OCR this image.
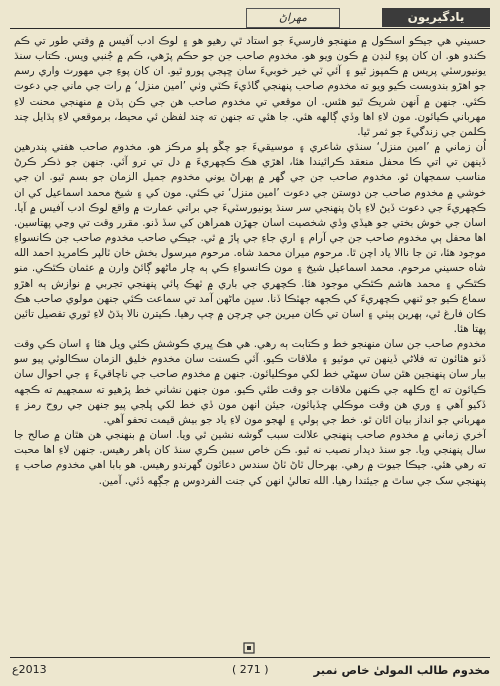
مهراڻ	يادگيريون

حسيني هي جيڪو اسڪول ۾ منهنجو فارسيءَ جو استاد ٿي رهيو هو ۽ لوڪ ادب آفيس ۾ وقتي طور تي ڪم ڪندو هو. ان کان پوءِ لنڊن ۾ ڪون ويو هو. مخدوم صاحب جن جو حڪم پڙهي، ڪم ۾ جُنبي ويس. ڪتاب سنڌ يونيورسٽي پريس ۾ ڪمپوز ٿيو ۽ آئي ٽي خير خوبيءَ سان ڇپجي پورو ٿيو. ان کان پوءِ جي مهورت واري رسم جو اهڙو بندوبست ڪيو ويو ته مخدوم صاحب پنهنجي گاڏيءَ ڪٽي وٺي ’امين منزل‘ ۾ رات جي ماني جي دعوت ڪئي. جنهن ۾ اَنهن شريڪ ٿيو هئس. ان موقعي تي مخدوم صاحب هن جي ڪن ٻڌن ۾ منهنجي محنت لاءِ مهرباني ڪيائون. مون لاءِ اها وڏي ڳالهه هئي. جا هئي ته جنهن ته چند لفظن ئي محيط، برموقعي لاءِ ٻڌايل چند ڪلمن جي زندگيءَ جو ثمر ٿيا.

اُن زماني ۾ ’امين منزل‘ سنڌي شاعري ۽ موسيقيءَ جو چڱو ڀلو مرڪز هو. مخدوم صاحب هفتي پندرهين ڏينهن تي اتي ڪا محفل منعقد ڪرائيندا هئا، اهڙي هڪ ڪچهريءَ ۾ دل تي ترو آئي. جنهن جو ذڪر ڪرڻ مناسب سمجهان ٿو. مخدوم صاحب جن جي گهر ۾ ٻهراڻ يوني مخدوم جميل الزمان جو بسم ٿيو. ان جي خوشي ۾ مخدوم صاحب جن دوستن جي دعوت ’امين منزل‘ تي ڪئي. مون کي ۽ شيخ محمد اسماعيل کي ان ڪچهريءَ جي دعوت ڏيڻ لاءِ ٻاڻ پنهنجي سر سنڌ يونيورسٽيءَ جي براتي عمارت ۾ واقع لوڪ ادب آفيس ۾ آيا. اسان جي خوش بختي جو هيڏي وڏي شخصيت اسان جهڙن همراهن کي سڏ ڏنو. مقرر وقت تي وڃي پهتاسين. اها محفل ٻي مخدوم صاحب جن جي آرام ۽ اري جاءِ جي پاڙ ۾ ٿي. جيڪي صاحب مخدوم صاحب جن ڪانسواءِ موجود هئا، تن جا ناالا ياد اچن ٿا. مرحوم ميران محمد شاه. مرحوم ميرسول بخش خان ٽالپر ڪامريڊ احمد الله شاه حسيني مرحوم. محمد اسماعيل شيخ ۽ مون ڪانسواءِ ڪي ٻه چار ماڻهو ڳائڻ وارن ۾ عثمان ڪٿڪي. منو ڪٿڪي ۽ محمد هاشم ڪٿڪي موجود هئا. ڪچهري جي باري ۾ ٽهڪ پائي پنهنجي تجربي ۾ نوازش ٻه اهڙو سماع ڪيو جو ٽنهي ڪچهريءَ کي ڪجهه جهٽڪا ڏنا. سڀن ماڻهن آمد تي سماعت ڪئي جنهن مولوي صاحب هڪ ڪان فارغ ٿي، ٻهرين ٻيٺي ۽ اسان تي ڪان ميرين جي چرچن ۾ چپ رهيا. ڪيترن نالا ٻڌڻ لاءِ ٿوري تفصيل تائين پهتا هئا.

مخدوم صاحب جن سان منهنجو خط و ڪتابت ٻه رهي. هي هڪ ڀيري ڪوشش ڪئي ويل هئا ۽ اسان ڪي وقت ڏنو هئائون ته فلاڻي ڏينهن تي موٽيو ۽ ملاقات ڪيو. آئي ڪسنت سان مخدوم خليق الزمان سڪالوٽي پيو سو بيار سان پنهنجين هٿن سان سهڻي خط لکي موڪليائون. جنهن ۾ مخدوم صاحب جي ناچاقيءَ ۽ جي احوال سان ڪيائون ته اڄ ڪلهه جي ڪنهن ملاقات جو وقت طئي ڪيو. مون جنهن نشاني خط پڙهيو ته سمجهيم ته ڪجهه ڏکيو آهي ۽ وري هن وقت موڪلي ڇڏيائون، جيئن انهن مون ڏي خط لکي ڀلجي پيو جنهن جي روح رمز ۽ مهرباني جو انداز بيان اٿان ٿو. خط جي ٻولي ۽ لهجو مون لاءِ ياد جو بيش قيمت تحفو آهي.

آخري زماني ۾ مخدوم صاحب پنهنجي علالت سبب گوشه نشين ٿي ويا. اسان ۾ بنهنجي هن هٿان ۾ صالح جا سال پنهنجي ويا. جو سنڌ ديدار نصيب نه ٿيو. ڪن خاص سببن ڪري سنڌ کان ٻاهر رهيس. جنهن لاءِ اها محبت ته رهي هئي. جيڪا جيوت ۾ رهي. بهرحال ٽاڻ ٽاڻ سندس دعائون گهرندو رهيس. هو بابا اهي مخدوم صاحب ۽ پنهنجي سک جي ساٿ ۾ جيئندا رهيا. الله تعاليٰ انهن کي جنت الفردوس ۾ جڳهه ڏئي. آمين.

2013ع	( 271 )	مخدوم طالب المولىٰ خاص نمبر
